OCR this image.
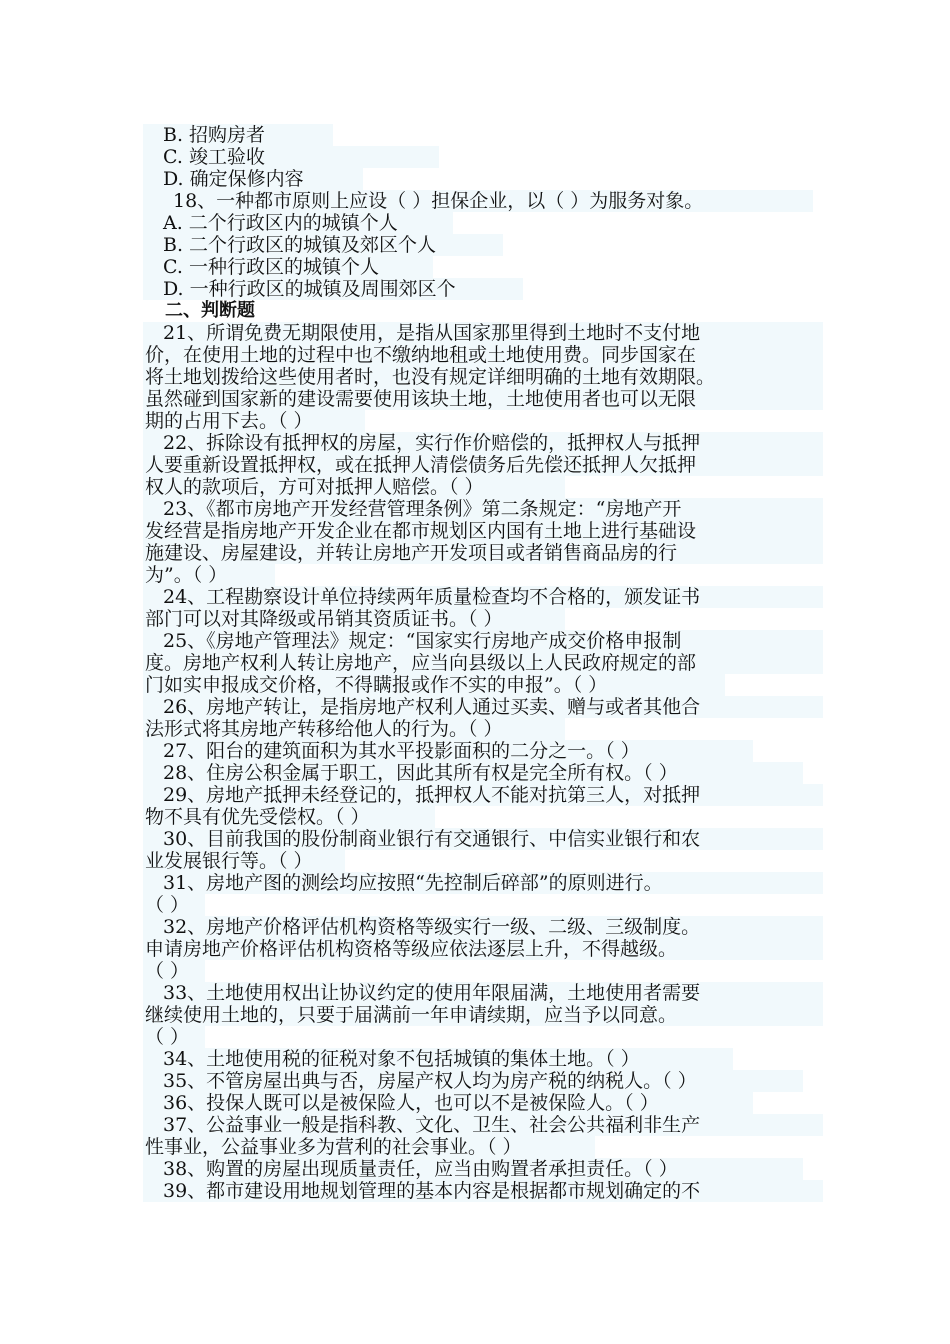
B. 招购房者
C. 竣工验收
D. 确定保修内容
18、一种都市原则上应设（ ）担保企业，以（ ）为服务对象。
A. 二个行政区内的城镇个人
B. 二个行政区的城镇及郊区个人
C. 一种行政区的城镇个人
D. 一种行政区的城镇及周围郊区个
二、判断题
21、所谓免费无期限使用，是指从国家那里得到土地时不支付地
价，在使用土地的过程中也不缴纳地租或土地使用费。同步国家在
将土地划拨给这些使用者时，也没有规定详细明确的土地有效期限。
虽然碰到国家新的建设需要使用该块土地，土地使用者也可以无限
期的占用下去。（ ）
22、拆除设有抵押权的房屋，实行作价赔偿的，抵押权人与抵押
人要重新设置抵押权，或在抵押人清偿债务后先偿还抵押人欠抵押
权人的款项后，方可对抵押人赔偿。（ ）
23、《都市房地产开发经营管理条例》第二条规定：“房地产开
发经营是指房地产开发企业在都市规划区内国有土地上进行基础设
施建设、房屋建设，并转让房地产开发项目或者销售商品房的行
为”。（ ）
24、工程勘察设计单位持续两年质量检查均不合格的，颁发证书
部门可以对其降级或吊销其资质证书。（ ）
25、《房地产管理法》规定：“国家实行房地产成交价格申报制
度。房地产权利人转让房地产，应当向县级以上人民政府规定的部
门如实申报成交价格，不得瞒报或作不实的申报”。（ ）
26、房地产转让，是指房地产权利人通过买卖、赠与或者其他合
法形式将其房地产转移给他人的行为。（ ）
27、阳台的建筑面积为其水平投影面积的二分之一。（ ）
28、住房公积金属于职工，因此其所有权是完全所有权。（ ）
29、房地产抵押未经登记的，抵押权人不能对抗第三人，对抵押
物不具有优先受偿权。（ ）
30、目前我国的股份制商业银行有交通银行、中信实业银行和农
业发展银行等。（ ）
31、房地产图的测绘均应按照“先控制后碎部”的原则进行。
（ ）
32、房地产价格评估机构资格等级实行一级、二级、三级制度。
申请房地产价格评估机构资格等级应依法逐层上升，不得越级。
（ ）
33、土地使用权出让协议约定的使用年限届满，土地使用者需要
继续使用土地的，只要于届满前一年申请续期，应当予以同意。
（ ）
34、土地使用税的征税对象不包括城镇的集体土地。（ ）
35、不管房屋出典与否，房屋产权人均为房产税的纳税人。（ ）
36、投保人既可以是被保险人，也可以不是被保险人。（ ）
37、公益事业一般是指科教、文化、卫生、社会公共福利非生产
性事业，公益事业多为营利的社会事业。（ ）
38、购置的房屋出现质量责任，应当由购置者承担责任。（ ）
39、都市建设用地规划管理的基本内容是根据都市规划确定的不
